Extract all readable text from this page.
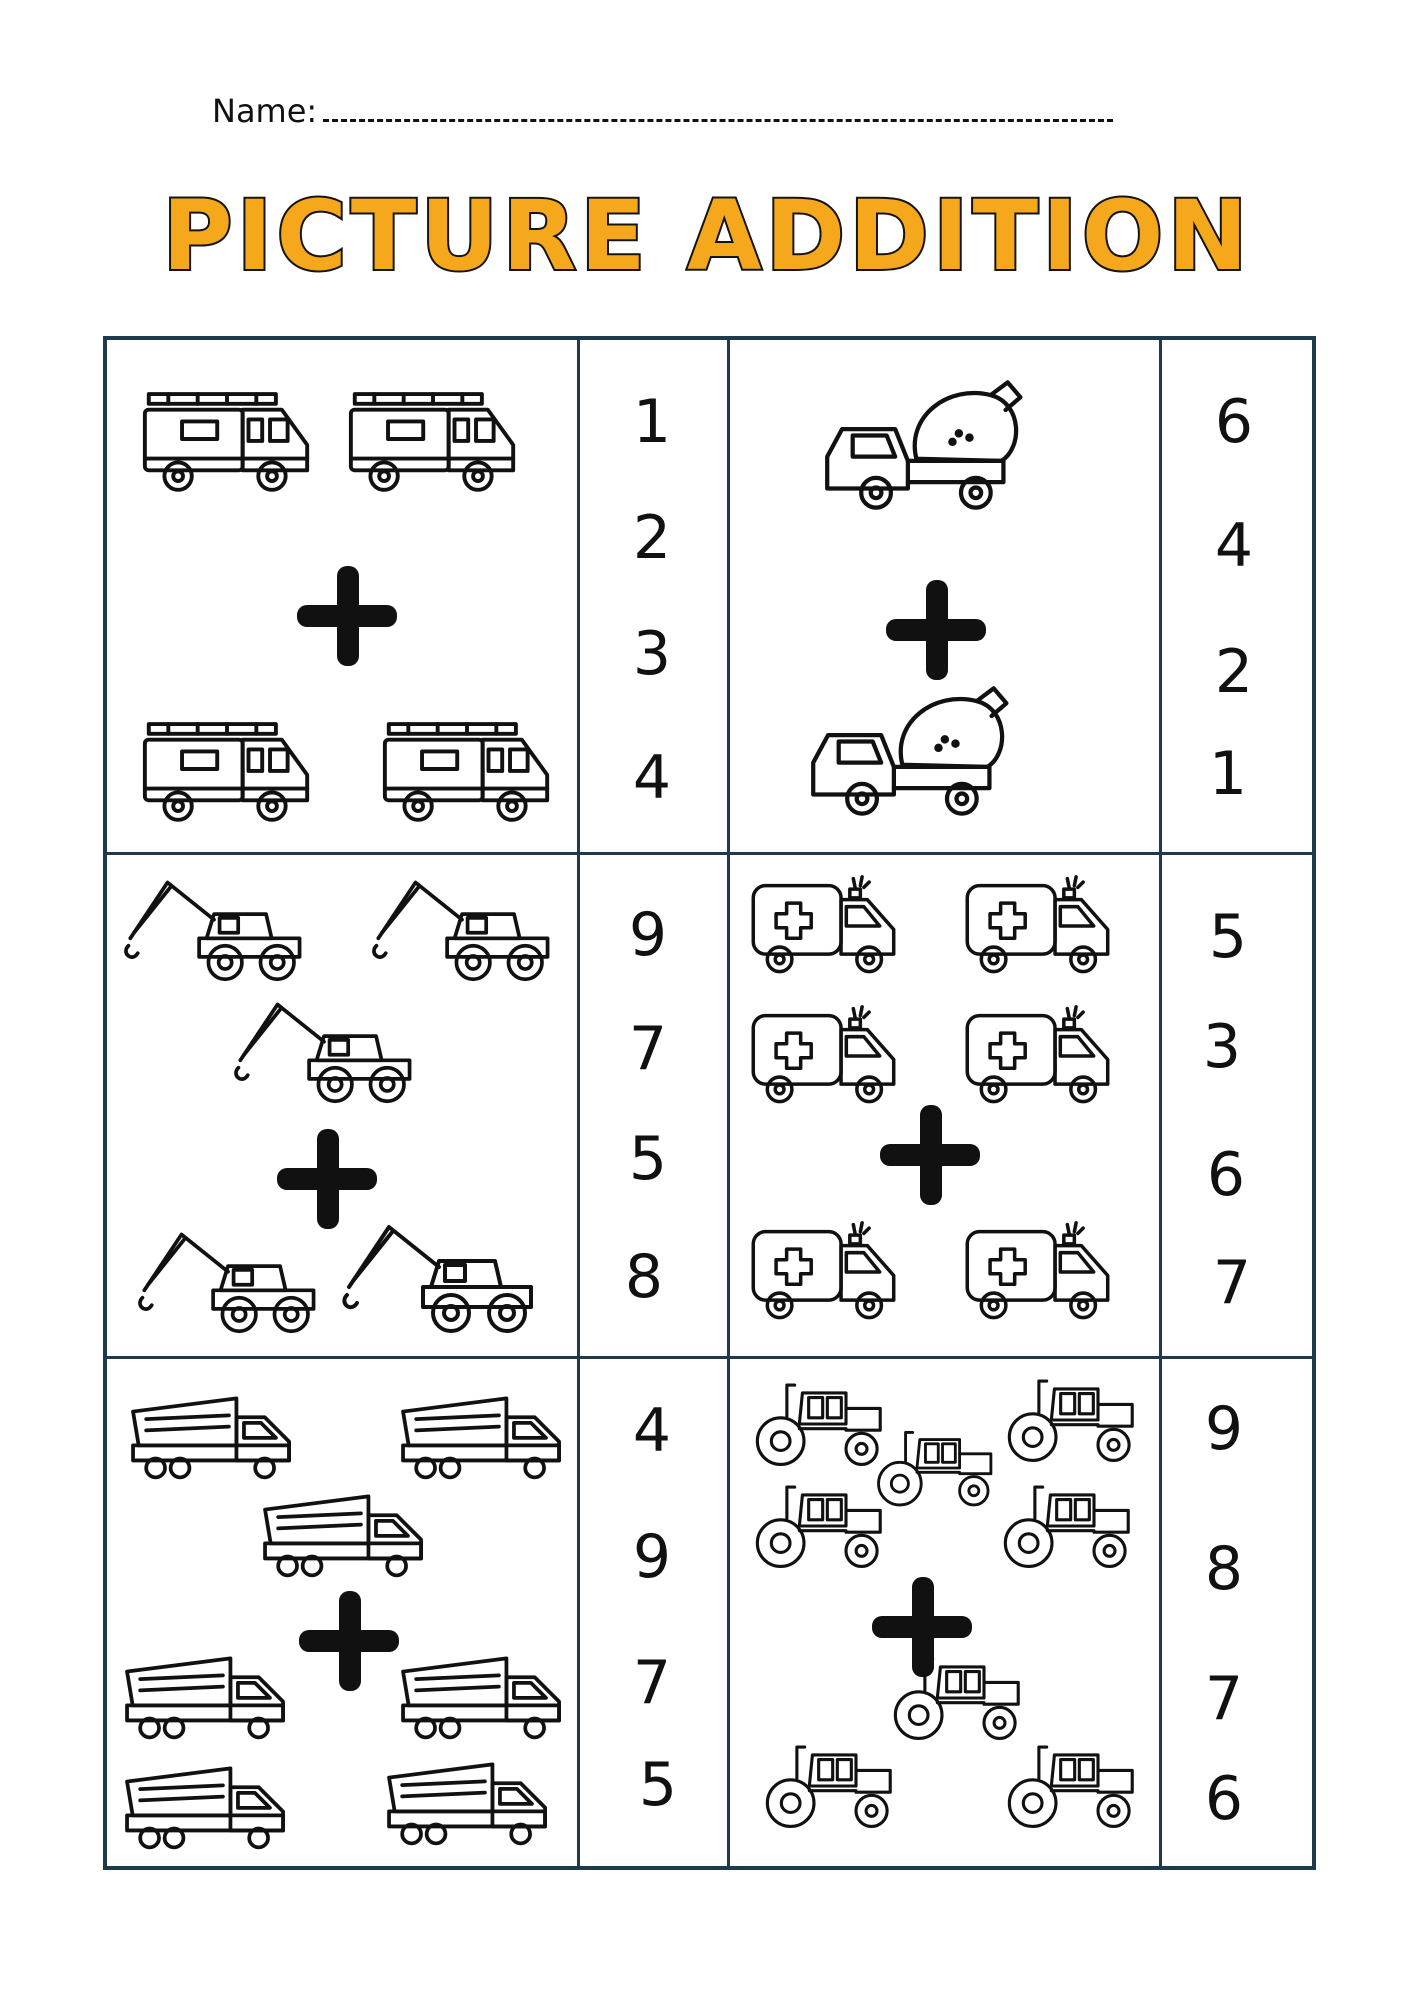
Name:
PICTURE ADDITION
1
2
3
4
6
4
2
1
9
7
5
8
5
3
6
7
4
9
7
5
9
8
7
6
